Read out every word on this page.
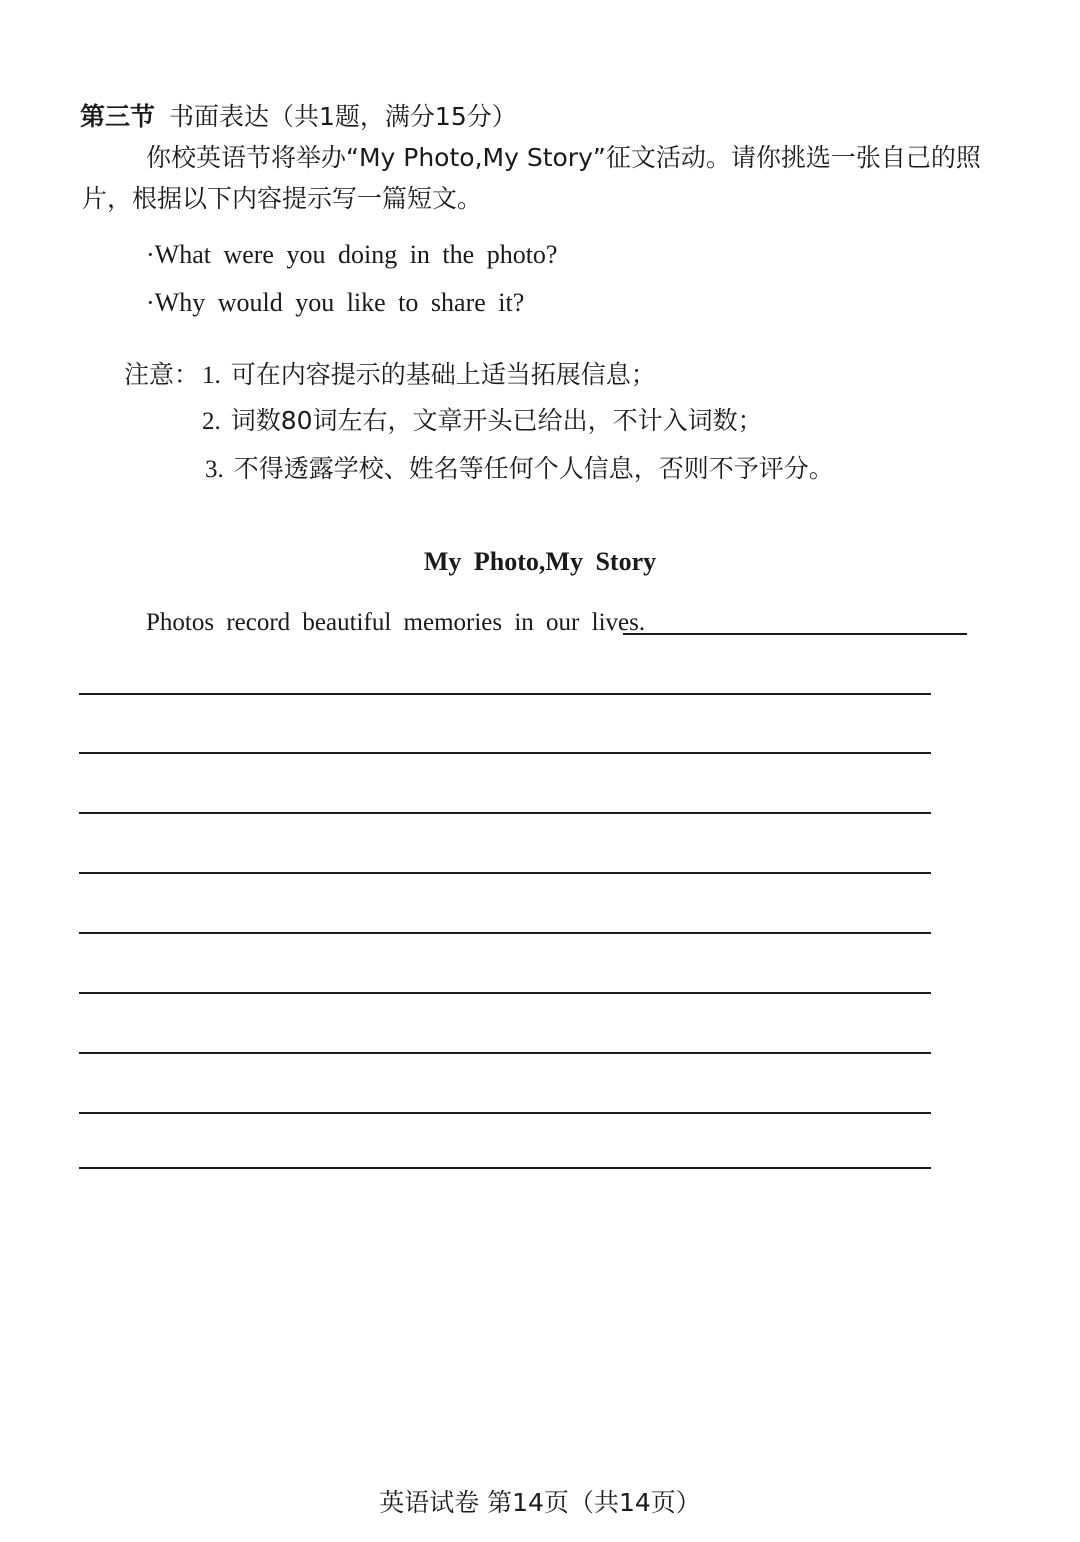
第三节 书面表达（共1题，满分15分）
你校英语节将举办“My Photo,My Story”征文活动。请你挑选一张自己的照
片，根据以下内容提示写一篇短文。
·What were you doing in the photo?
·Why would you like to share it?
注意： 1. 可在内容提示的基础上适当拓展信息；
2. 词数80词左右，文章开头已给出，不计入词数；
3. 不得透露学校、姓名等任何个人信息，否则不予评分。
My Photo,My Story
Photos record beautiful memories in our lives.
英语试卷 第14页（共14页）
